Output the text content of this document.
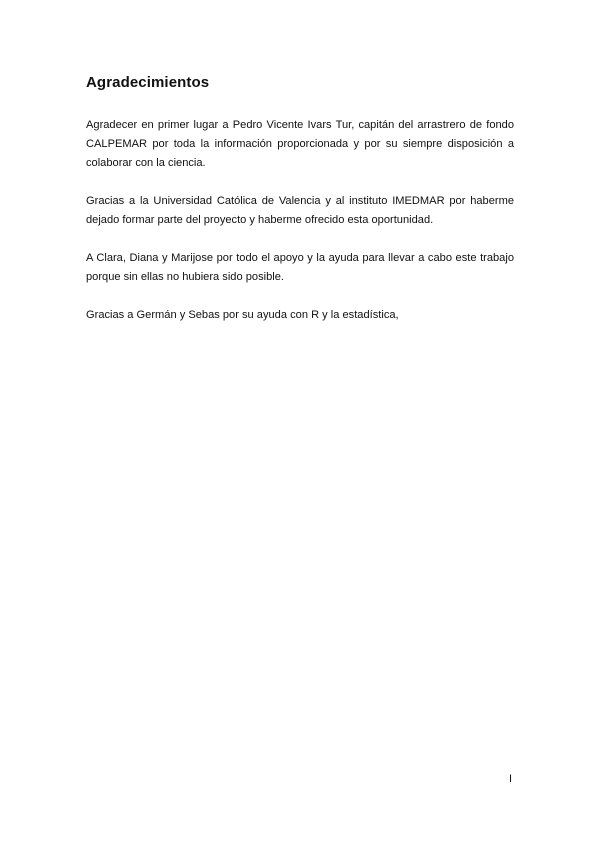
Agradecimientos

Agradecer en primer lugar a Pedro Vicente Ivars Tur, capitán del arrastrero de fondo CALPEMAR por toda la información proporcionada y por su siempre disposición a colaborar con la ciencia.

Gracias a la Universidad Católica de Valencia y al instituto IMEDMAR por haberme dejado formar parte del proyecto y haberme ofrecido esta oportunidad.

A Clara, Diana y Marijose por todo el apoyo y la ayuda para llevar a cabo este trabajo porque sin ellas no hubiera sido posible.

Gracias a Germán y Sebas por su ayuda con R y la estadística,

I
